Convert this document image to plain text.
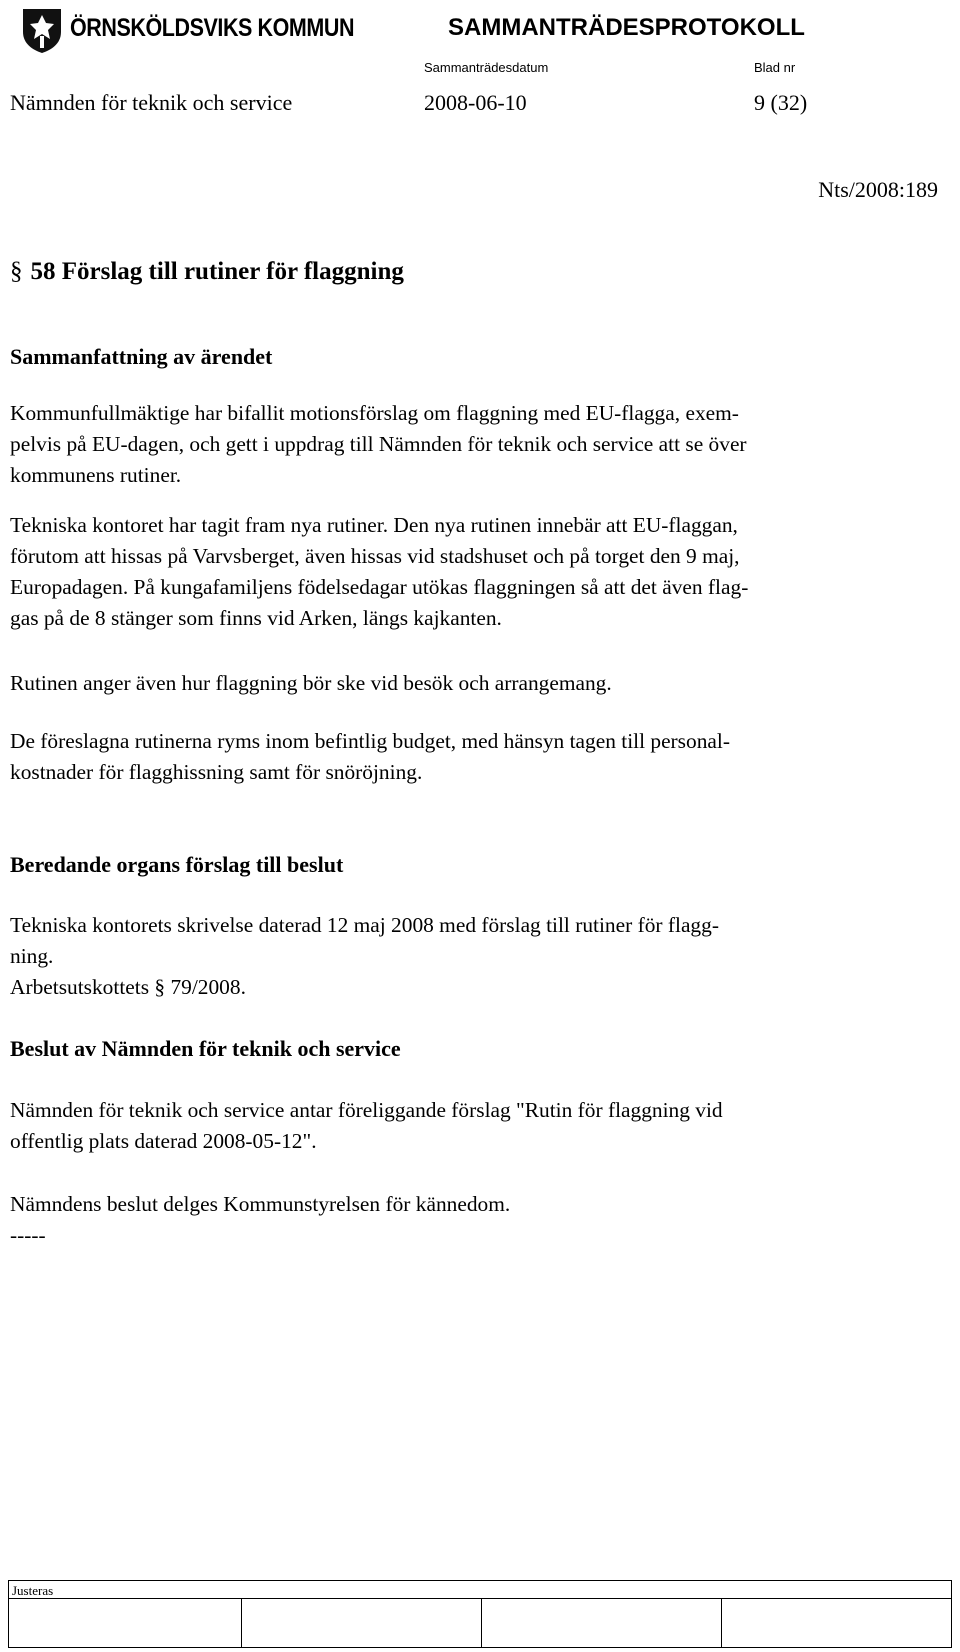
ÖRNSKÖLDSVIKS KOMMUN	SAMMANTRÄDESPROTOKOLL
Sammanträdesdatum	Blad nr
Nämnden för teknik och service	2008-06-10	9 (32)
Nts/2008:189
§ 58 Förslag till rutiner för flaggning
Sammanfattning av ärendet

Kommunfullmäktige har bifallit motionsförslag om flaggning med EU-flagga, exem-
pelvis på EU-dagen, och gett i uppdrag till Nämnden för teknik och service att se över
kommunens rutiner.

Tekniska kontoret har tagit fram nya rutiner. Den nya rutinen innebär att EU-flaggan,
förutom att hissas på Varvsberget, även hissas vid stadshuset och på torget den 9 maj,
Europadagen. På kungafamiljens födelsedagar utökas flaggningen så att det även flag-
gas på de 8 stänger som finns vid Arken, längs kajkanten.

Rutinen anger även hur flaggning bör ske vid besök och arrangemang.

De föreslagna rutinerna ryms inom befintlig budget, med hänsyn tagen till personal-
kostnader för flagghissning samt för snöröjning.

Beredande organs förslag till beslut

Tekniska kontorets skrivelse daterad 12 maj 2008 med förslag till rutiner för flagg-
ning.
Arbetsutskottets § 79/2008.

Beslut av Nämnden för teknik och service

Nämnden för teknik och service antar föreliggande förslag "Rutin för flaggning vid
offentlig plats daterad 2008-05-12".

Nämndens beslut delges Kommunstyrelsen för kännedom.
-----

Justeras
